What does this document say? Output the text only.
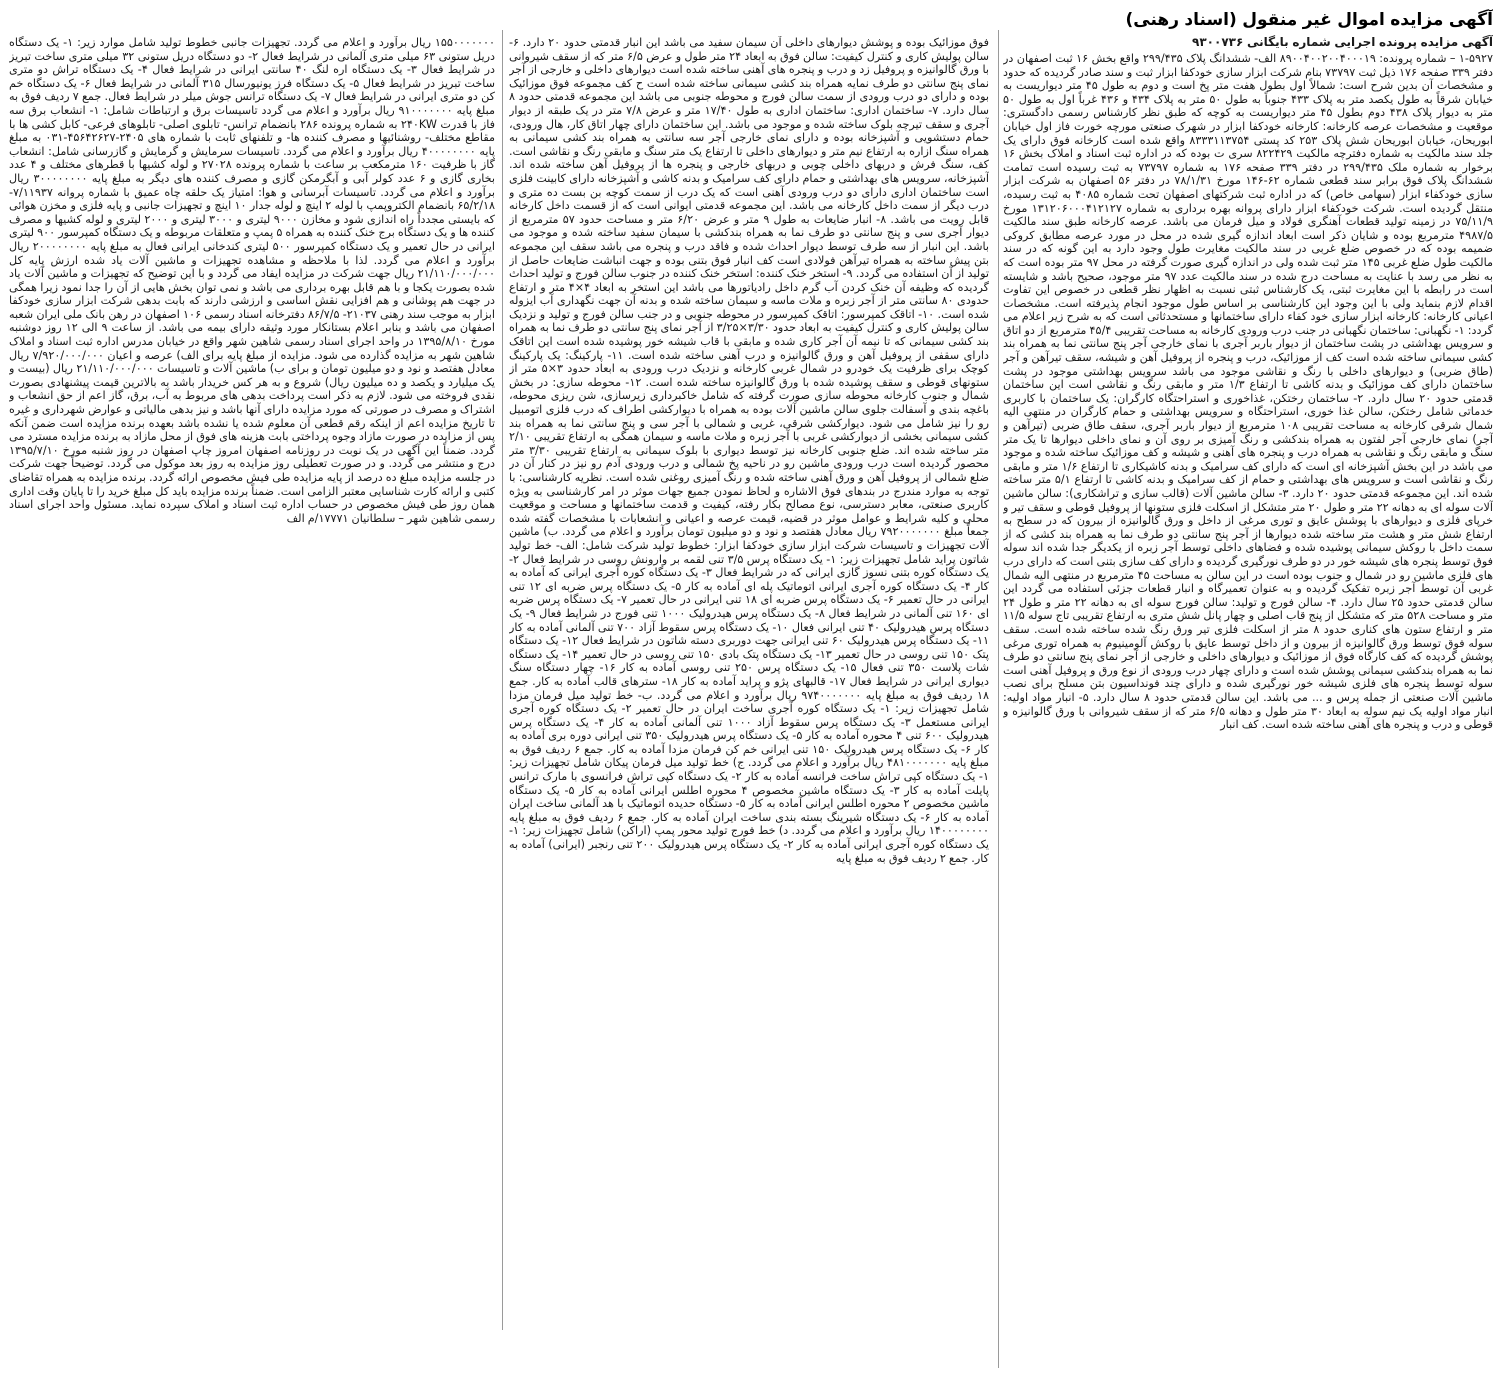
آگهی مزایده اموال غیر منقول (اسناد رهنی)
آگهی مزایده پرونده اجرایی شماره بایگانی ۹۳۰۰۷۳۶
۱-۵۹۲۷ – شماره پرونده: ۸۹۰۰۴۰۰۲۰۰۴۰۰۰۱۹ الف- ششدانگ پلاک ۲۹۹/۴۳۵ واقع بخش ۱۶ ثبت اصفهان در دفتر ۳۳۹ صفحه ۱۷۶ ذیل ثبت ۷۳۷۹۷ بنام شرکت ابزار سازی خودکفا ابزار ثبت و سند صادر گردیده که حدود و مشخصات آن بدین شرح است: شمالاً اول بطول هفت متر پخ است و دوم به طول ۴۵ متر دیواریست به خیابان شرقاً به طول یکصد متر به پلاک ۴۳۳ جنوباً به طول ۵۰ متر به پلاک ۴۳۴ و ۴۳۶ غرباً اول به طول ۵۰ متر به دیوار پلاک ۴۳۸ دوم بطول ۴۵ متر دیواریست به کوچه که طبق نظر کارشناس رسمی دادگستری: موقعیت و مشخصات عرصه کارخانه: کارخانه خودکفا ابزار در شهرک صنعتی مورچه خورت فاز اول خیابان ابوریحان، خیابان ابوریحان شش پلاک ۲۵۳ کد پستی ۸۳۳۳۱۱۳۷۵۴ واقع شده است کارخانه فوق دارای یک جلد سند مالکیت به شماره دفترچه مالکیت ۸۲۲۴۲۹ سری ت بوده که در اداره ثبت اسناد و املاک بخش ۱۶ برخوار به شماره ملک ۲۹۹/۴۳۵ در دفتر ۳۳۹ صفحه ۱۷۶ به شماره ۷۳۷۹۷ به ثبت رسیده است تمامت ششدانگ پلاک فوق برابر سند قطعی شماره ۶۲-۱۴۶ مورخ ۷۸/۱/۳۱ در دفتر ۵۶ اصفهان به شرکت ابزار سازی خودکفاء ابزار (سهامی خاص) که در اداره ثبت شرکتهای اصفهان تحت شماره ۴۰۸۵ به ثبت رسیده، منتقل گردیده است. شرکت خودکفاء ابزار دارای پروانه بهره برداری به شماره ۱۳۱۲۰۶۰۰۰۴۱۲۱۲۷ مورخ ۷۵/۱۱/۹ در زمینه تولید قطعات آهنگری فولاد و میل فرمان می باشد. عرصه کارخانه طبق سند مالکیت ۴۹۸۷/۵ مترمربع بوده و شایان ذکر است ابعاد اندازه گیری شده در محل در مورد عرصه مطابق کروکی ضمیمه بوده که در خصوص ضلع غربی در سند مالکیت مغایرت طول وجود دارد به این گونه که در سند مالکیت طول ضلع غربی ۱۴۵ متر ثبت شده ولی در اندازه گیری صورت گرفته در محل ۹۷ متر بوده است که به نظر می رسد با عنایت به مساحت درج شده در سند مالکیت عدد ۹۷ متر موجود، صحیح باشد و شایسته است در رابطه با این مغایرت ثبتی، یک کارشناس ثبتی نسبت به اظهار نظر قطعی در خصوص این تفاوت اقدام لازم بنماید ولی با این وجود این کارشناسی بر اساس طول موجود انجام پذیرفته است. مشخصات اعیانی کارخانه: کارخانه ابزار سازی خود کفاء دارای ساختمانها و مستحدثاتی است که به شرح زیر اعلام می گردد: ۱- نگهبانی: ساختمان نگهبانی در جنب درب ورودی کارخانه به مساحت تقریبی ۴۵/۴ مترمربع از دو اتاق و سرویس بهداشتی در پشت ساختمان از دیوار باربر آجری با نمای خارجی آجر پنج سانتی نما به همراه بند کشی سیمانی ساخته شده است کف از موزائیک، درب و پنجره از پروفیل آهن و شیشه، سقف تیرآهن و آجر (طاق ضربی) و دیوارهای داخلی با رنگ و نقاشی موجود می باشد سرویس بهداشتی موجود در پشت ساختمان دارای کف موزائیک و بدنه کاشی تا ارتفاع ۱/۳ متر و مابقی رنگ و نقاشی است این ساختمان قدمتی حدود ۲۰ سال دارد. ۲- ساختمان رختکن، غذاخوری و استراحتگاه کارگران: یک ساختمان با کاربری خدماتی شامل رختکن، سالن غذا خوری، استراحتگاه و سرویس بهداشتی و حمام کارگران در منتهی الیه شمال شرقی کارخانه به مساحت تقریبی ۱۰۸ مترمربع از دیوار باربر آجری، سقف طاق ضربی (تیرآهن و آجر) نمای خارجی آجر لفتون به همراه بندکشی و رنگ آمیزی بر روی آن و نمای داخلی دیوارها تا یک متر سنگ و مابقی رنگ و نقاشی به همراه درب و پنجره های آهنی و شیشه و کف موزائیک ساخته شده و موجود می باشد در این بخش آشپزخانه ای است که دارای کف سرامیک و بدنه کاشیکاری تا ارتفاع ۱/۶ متر و مابقی رنگ و نقاشی است و سرویس های بهداشتی و حمام از کف سرامیک و بدنه کاشی تا ارتفاع ۵/۱ متر ساخته شده اند. این مجموعه قدمتی حدود ۲۰ دارد. ۳- سالن ماشین آلات (قالب سازی و تراشکاری): سالن ماشین آلات سوله ای به دهانه ۲۲ متر و طول ۲۰ متر متشکل از اسکلت فلزی ستونها از پروفیل قوطی و سقف تیر و خرپای فلزی و دیوارهای با پوشش عایق و توری مرغی از داخل و ورق گالوانیزه از بیرون که در سطح به ارتفاع شش متر و هشت متر ساخته شده دیوارها از آجر پنج سانتی دو طرف نما به همراه بند کشی که از سمت داخل با روکش سیمانی پوشیده شده و فضاهای داخلی توسط آجر زبره از یکدیگر جدا شده اند سوله فوق توسط پنجره های شیشه خور در دو طرف نورگیری گردیده و دارای کف سازی بتنی است که دارای درب های فلزی ماشین رو در شمال و جنوب بوده است در این سالن به مساحت ۴۵ مترمربع در منتهی الیه شمال غربی آن توسط آجر زبره تفکیک گردیده و به عنوان تعمیرگاه و انبار قطعات جزئی استفاده می گردد این سالن قدمتی حدود ۲۵ سال دارد. ۴- سالن فورج و تولید: سالن فورج سوله ای به دهانه ۲۲ متر و طول ۲۴ متر و مساحت ۵۲۸ متر که متشکل از پنج قاب اصلی و چهار پانل شش متری به ارتفاع تقریبی تاج سوله ۱۱/۵ متر و ارتفاع ستون های کناری حدود ۸ متر از اسکلت فلزی تیر ورق رنگ شده ساخته شده است. سقف سوله فوق توسط ورق گالوانیزه از بیرون و از داخل توسط عایق با روکش آلومینیوم به همراه توری مرغی پوشش گردیده که کف کارگاه فوق از موزائیک و دیوارهای داخلی و خارجی از آجر نمای پنج سانتی دو طرف نما به همراه بندکشی سیمانی پوشش شده است و دارای چهار درب ورودی از نوع ورق و پروفیل آهنی است سوله توسط پنجره های فلزی شیشه خور نورگیری شده و دارای چند فونداسیون بتن مسلح برای نصب ماشین آلات صنعتی از جمله پرس و ... می باشد. این سالن قدمتی حدود ۸ سال دارد. ۵- انبار مواد اولیه: انبار مواد اولیه یک نیم سوله به ابعاد ۳۰ متر طول و دهانه ۶/۵ متر که از سقف شیروانی با ورق گالوانیزه و قوطی و درب و پنجره های آهنی ساخته شده است. کف انبار
فوق موزائیک بوده و پوشش دیوارهای داخلی آن سیمان سفید می باشد این انبار قدمتی حدود ۲۰ دارد. ۶- سالن پولیش کاری و کنترل کیفیت: سالن فوق به ابعاد ۲۴ متر طول و عرض ۶/۵ متر که از سقف شیروانی با ورق گالوانیزه و پروفیل زد و درب و پنجره های آهنی ساخته شده است دیوارهای داخلی و خارجی از آجر نمای پنج سانتی دو طرف نمایه همراه بند کشی سیمانی ساخته شده است ح کف مجموعه فوق موزائیک بوده و دارای دو درب ورودی از سمت سالن فورج و محوطه جنوبی می باشد این مجموعه قدمتی حدود ۸ سال دارد. ۷- ساختمان اداری: ساختمان اداری به طول ۱۷/۴۰ متر و عرض ۷/۸ متر در یک طبقه از دیوار آجری و سقف تیرچه بلوک ساخته شده و موجود می باشد. این ساختمان دارای چهار اتاق کار، هال ورودی، حمام دستشویی و آشپزخانه بوده و دارای نمای خارجی آجر سه سانتی به همراه بند کشی سیمانی به همراه سنگ ازاره به ارتفاع نیم متر و دیوارهای داخلی تا ارتفاع یک متر سنگ و مابقی رنگ و نقاشی است. کف، سنگ فرش و دربهای داخلی چوبی و دربهای خارجی و پنجره ها از پروفیل آهن ساخته شده اند. آشپزخانه، سرویس های بهداشتی و حمام دارای کف سرامیک و بدنه کاشی و آشپزخانه دارای کابینت فلزی است ساختمان اداری دارای دو درب ورودی آهنی است که یک درب از سمت کوچه بن بست ده متری و درب دیگر از سمت داخل کارخانه می باشد. این مجموعه قدمتی ایوانی است که از قسمت داخل کارخانه قابل رویت می باشد. ۸- انبار ضایعات به طول ۹ متر و عرض ۶/۲۰ متر و مساحت حدود ۵۷ مترمربع از دیوار آجری سی و پنج سانتی دو طرف نما به همراه بندکشی با سیمان سفید ساخته شده و موجود می باشد. این انبار از سه طرف توسط دیوار احداث شده و فاقد درب و پنجره می باشد سقف این مجموعه بتن پیش ساخته به همراه تیرآهن فولادی است کف انبار فوق بتنی بوده و جهت انباشت ضایعات حاصل از تولید از آن استفاده می گردد. ۹- استخر خنک کننده: استخر خنک کننده در جنوب سالن فورج و تولید احداث گردیده که وظیفه آن خنک کردن آب گرم داخل رادیاتورها می باشد این استخر به ابعاد ۴×۴ متر و ارتفاع حدودی ۸۰ سانتی متر از آجر زبره و ملات ماسه و سیمان ساخته شده و بدنه آن جهت نگهداری آب ایزوله شده است. ۱۰- اتاقک کمپرسور: اتاقک کمپرسور در محوطه جنوبی و در جنب سالن فورج و تولید و نزدیک سالن پولیش کاری و کنترل کیفیت به ابعاد حدود ۳/۳۰×۳/۲۵ از آجر نمای پنج سانتی دو طرف نما به همراه بند کشی سیمانی که تا نیمه آن آجر کاری شده و مابقی با قاب شیشه خور پوشیده شده است این اتاقک دارای سقفی از پروفیل آهن و ورق گالوانیزه و درب آهنی ساخته شده است. ۱۱- پارکینگ: یک پارکینگ کوچک برای ظرفیت یک خودرو در شمال غربی کارخانه و نزدیک درب ورودی به ابعاد حدود ۳×۵ متر از ستونهای قوطی و سقف پوشیده شده با ورق گالوانیزه ساخته شده است. ۱۲- محوطه سازی: در بخش شمال و جنوب کارخانه محوطه سازی صورت گرفته که شامل خاکبرداری زیرسازی، شن ریزی محوطه، باغچه بندی و آسفالت جلوی سالن ماشین آلات بوده به همراه با دیوارکشی اطراف که درب فلزی اتومبیل رو را نیز شامل می شود. دیوارکشی شرقی، غربی و شمالی با آجر سی و پنج سانتی نما به همراه بند کشی سیمانی بخشی از دیوارکشی غربی با آجر زبره و ملات ماسه و سیمان همگی به ارتفاع تقریبی ۲/۱۰ متر ساخته شده اند. ضلع جنوبی کارخانه نیز توسط دیواری با بلوک سیمانی به ارتفاع تقریبی ۳/۳۰ متر محصور گردیده است درب ورودی ماشین رو در ناحیه پخ شمالی و درب ورودی آدم رو نیز در کنار آن در ضلع شمالی از پروفیل آهن و ورق آهنی ساخته شده و رنگ آمیزی روغنی شده است. نظریه کارشناسی: با توجه به موارد مندرج در بندهای فوق الاشاره و لحاظ نمودن جمیع جهات موثر در امر کارشناسی به ویژه کاربری صنعتی، معابر دسترسی، نوع مصالح بکار رفته، کیفیت و قدمت ساختمانها و مساحت و موقعیت محلی و کلیه شرایط و عوامل موثر در قضیه، قیمت عرصه و اعیانی و انشعابات با مشخصات گفته شده جمعاً مبلغ ۷۹۲۰۰۰۰۰۰۰ ریال معادل هفتصد و نود و دو میلیون تومان برآورد و اعلام می گردد. ب) ماشین آلات تجهیزات و تاسیسات شرکت ابزار سازی خودکفا ابزار: خطوط تولید شرکت شامل: الف- خط تولید شاتون پراید شامل تجهیزات زیر: ۱- یک دستگاه پرس ۳/۵ تنی لقمه بر وارونش روسی در شرایط فعال ۲- یک دستگاه کوره بتنی نسوز گازی ایرانی که در شرایط فعال ۳- یک دستگاه کوره آجری ایرانی که آماده به کار ۴- یک دستگاه کوره آجری ایرانی اتوماتیک پله ای آماده به کار ۵- یک دستگاه پرس ضربه ای ۱۲ تنی ایرانی در حال تعمیر ۶- یک دستگاه پرس ضربه ای ۱۸ تنی ایرانی در حال تعمیر ۷- یک دستگاه پرس ضربه ای ۱۶۰ تنی آلمانی در شرایط فعال ۸- یک دستگاه پرس هیدرولیک ۱۰۰۰ تنی فورج در شرایط فعال ۹- یک دستگاه پرس هیدرولیک ۴۰ تنی ایرانی فعال ۱۰- یک دستگاه پرس سقوط آزاد ۷۰۰ تنی آلمانی آماده به کار ۱۱- یک دستگاه پرس هیدرولیک ۶۰ تنی ایرانی جهت دوربری دسته شاتون در شرایط فعال ۱۲- یک دستگاه پتک ۱۵۰ تنی روسی در حال تعمیر ۱۳- یک دستگاه پتک بادی ۱۵۰ تنی روسی در حال تعمیر ۱۴- یک دستگاه شات پلاست ۳۵۰ تنی فعال ۱۵- یک دستگاه پرس ۲۵۰ تنی روسی آماده به کار ۱۶- چهار دستگاه سنگ دیواری ایرانی در شرایط فعال ۱۷- قالبهای پژو و پراید آماده به کار ۱۸- سترهای قالب آماده به کار. جمع ۱۸ ردیف فوق به مبلغ پایه ۹۷۴۰۰۰۰۰۰۰ ریال برآورد و اعلام می گردد. ب- خط تولید میل فرمان مزدا شامل تجهیزات زیر: ۱- یک دستگاه کوره آجری ساخت ایران در حال تعمیر ۲- یک دستگاه کوره آجری ایرانی مستعمل ۳- یک دستگاه پرس سقوط آزاد ۱۰۰۰ تنی آلمانی آماده به کار ۴- یک دستگاه پرس هیدرولیک ۶۰۰ تنی ۴ محوره آماده به کار ۵- یک دستگاه پرس هیدرولیک ۳۵۰ تنی ایرانی دوره بری آماده به کار ۶- یک دستگاه پرس هیدرولیک ۱۵۰ تنی ایرانی خم کن فرمان مزدا آماده به کار. جمع ۶ ردیف فوق به مبلغ پایه ۴۸۱۰۰۰۰۰۰۰ ریال برآورد و اعلام می گردد. ج) خط تولید میل فرمان پیکان شامل تجهیزات زیر: ۱- یک دستگاه کپی تراش ساخت فرانسه آماده به کار ۲- یک دستگاه کپی تراش فرانسوی با مارک ترانس پایلت آماده به کار ۳- یک دستگاه ماشین مخصوص ۴ محوره اطلس ایرانی آماده به کار ۵- یک دستگاه ماشین مخصوص ۲ محوره اطلس ایرانی آماده به کار ۵- دستگاه حدیده اتوماتیک با هد آلمانی ساخت ایران آماده به کار ۶- یک دستگاه شیرینگ بسته بندی ساخت ایران آماده به کار. جمع ۶ ردیف فوق به مبلغ پایه ۱۴۰۰۰۰۰۰۰۰ ریال برآورد و اعلام می گردد. د) خط فورج تولید محور پمپ (اراکن) شامل تجهیزات زیر: ۱- یک دستگاه کوره آجری ایرانی آماده به کار ۲- یک دستگاه پرس هیدرولیک ۲۰۰ تنی رنجبر (ایرانی) آماده به کار. جمع ۲ ردیف فوق به مبلغ پایه
۱۵۵۰۰۰۰۰۰۰ ریال برآورد و اعلام می گردد. تجهیزات جانبی خطوط تولید شامل موارد زیر: ۱- یک دستگاه دریل ستونی ۶۳ میلی متری آلمانی در شرایط فعال ۲- دو دستگاه دریل ستونی ۳۲ میلی متری ساخت تبریز در شرایط فعال ۳- یک دستگاه اره لنگ ۴۰ سانتی ایرانی در شرایط فعال ۴- یک دستگاه تراش دو متری ساخت تبریز در شرایط فعال ۵- یک دستگاه فرز یونیورسال ۳۱۵ آلمانی در شرایط فعال ۶- یک دستگاه خم کن دو متری ایرانی در شرایط فعال ۷- یک دستگاه ترانس جوش میلر در شرایط فعال. جمع ۷ ردیف فوق به مبلغ پایه ۹۱۰۰۰۰۰۰۰ ریال برآورد و اعلام می گردد تاسیسات برق و ارتباطات شامل: ۱- انشعاب برق سه فاز با قدرت ۲۴۰KW به شماره پرونده ۲۸۶ بانضمام ترانس- تابلوی اصلی- تابلوهای فرعی- کابل کشی ها با مقاطع مختلف- روشنائیها و مصرف کننده ها- و تلفنهای ثابت با شماره های ۲۴۰۵-۴۵۶۴۲۶۲۷-۰۳۱ به مبلغ پایه ۴۰۰۰۰۰۰۰۰ ریال برآورد و اعلام می گردد. تاسیسات سرمایش و گرمایش و گازرسانی شامل: انشعاب گاز با ظرفیت ۱۶۰ مترمکعب بر ساعت با شماره پرونده ۲۷۰۲۸ و لوله کشیها با قطرهای مختلف و ۴ عدد بخاری گازی و ۶ عدد کولر آبی و آبگرمکن گازی و مصرف کننده های دیگر به مبلغ پایه ۳۰۰۰۰۰۰۰۰ ریال برآورد و اعلام می گردد. تاسیسات آبرسانی و هوا: امتیاز یک حلقه چاه عمیق با شماره پروانه ۷/۱۱۹۳۷- ۶۵/۲/۱۸ بانضمام الکتروپمپ با لوله ۲ اینچ و لوله جدار ۱۰ اینچ و تجهیزات جانبی و پایه فلزی و مخزن هوائی که بایستی مجدداً راه اندازی شود و مخازن ۹۰۰۰ لیتری و ۳۰۰۰ لیتری و ۲۰۰۰ لیتری و لوله کشیها و مصرف کننده ها و یک دستگاه برج خنک کننده به همراه ۵ پمپ و متعلقات مربوطه و یک دستگاه کمپرسور ۹۰۰ لیتری ایرانی در حال تعمیر و یک دستگاه کمپرسور ۵۰۰ لیتری کندخانی ایرانی فعال به مبلغ پایه ۲۰۰۰۰۰۰۰۰ ریال برآورد و اعلام می گردد. لذا با ملاحظه و مشاهده تجهیزات و ماشین آلات یاد شده ارزش پایه کل ۲۱/۱۱۰/۰۰۰/۰۰۰ ریال جهت شرکت در مزایده ایفاد می گردد و با این توضیح که تجهیزات و ماشین آلات یاد شده بصورت یکجا و با هم قابل بهره برداری می باشد و نمی توان بخش هایی از آن را جدا نمود زیرا همگی در جهت هم پوشانی و هم افزایی نقش اساسی و ارزشی دارند که بابت بدهی شرکت ابزار سازی خودکفا ابزار به موجب سند رهنی ۲۱۰۳۷- ۸۶/۷/۵ دفترخانه اسناد رسمی ۱۰۶ اصفهان در رهن بانک ملی ایران شعبه اصفهان می باشد و بنابر اعلام بستانکار مورد وثیقه دارای بیمه می باشد. از ساعت ۹ الی ۱۲ روز دوشنبه مورخ ۱۳۹۵/۸/۱۰ در واحد اجرای اسناد رسمی شاهین شهر واقع در خیابان مدرس اداره ثبت اسناد و املاک شاهین شهر به مزایده گذارده می شود. مزایده از مبلغ پایه برای الف) عرصه و اعیان ۷/۹۲۰/۰۰۰/۰۰۰ ریال معادل هفتصد و نود و دو میلیون تومان و برای ب) ماشین آلات و تاسیسات ۲۱/۱۱۰/۰۰۰/۰۰۰ ریال (بیست و یک میلیارد و یکصد و ده میلیون ریال) شروع و به هر کس خریدار باشد به بالاترین قیمت پیشنهادی بصورت نقدی فروخته می شود. لازم به ذکر است پرداخت بدهی های مربوط به آب، برق، گاز اعم از حق انشعاب و اشتراک و مصرف در صورتی که مورد مزایده دارای آنها باشد و نیز بدهی مالیاتی و عوارض شهرداری و غیره تا تاریخ مزایده اعم از اینکه رقم قطعی آن معلوم شده یا نشده باشد بعهده برنده مزایده است ضمن آنکه پس از مزایده در صورت مازاد وجوه پرداختی بابت هزینه های فوق از محل مازاد به برنده مزایده مسترد می گردد. ضمناً این آگهی در یک نوبت در روزنامه اصفهان امروز چاپ اصفهان در روز شنبه مورخ ۱۳۹۵/۷/۱۰ درج و منتشر می گردد. و در صورت تعطیلی روز مزایده به روز بعد موکول می گردد. توضیحاً جهت شرکت در جلسه مزایده مبلغ ده درصد از پایه مزایده طی فیش مخصوص ارائه گردد. برنده مزایده به همراه تقاضای کتبی و ارائه کارت شناسایی معتبر الزامی است. ضمناً برنده مزایده باید کل مبلغ خرید را تا پایان وقت اداری همان روز طی فیش مخصوص در حساب اداره ثبت اسناد و املاک سپرده نماید. مسئول واحد اجرای اسناد رسمی شاهین شهر – سلطانیان ۱۷۷۷۱/م الف
